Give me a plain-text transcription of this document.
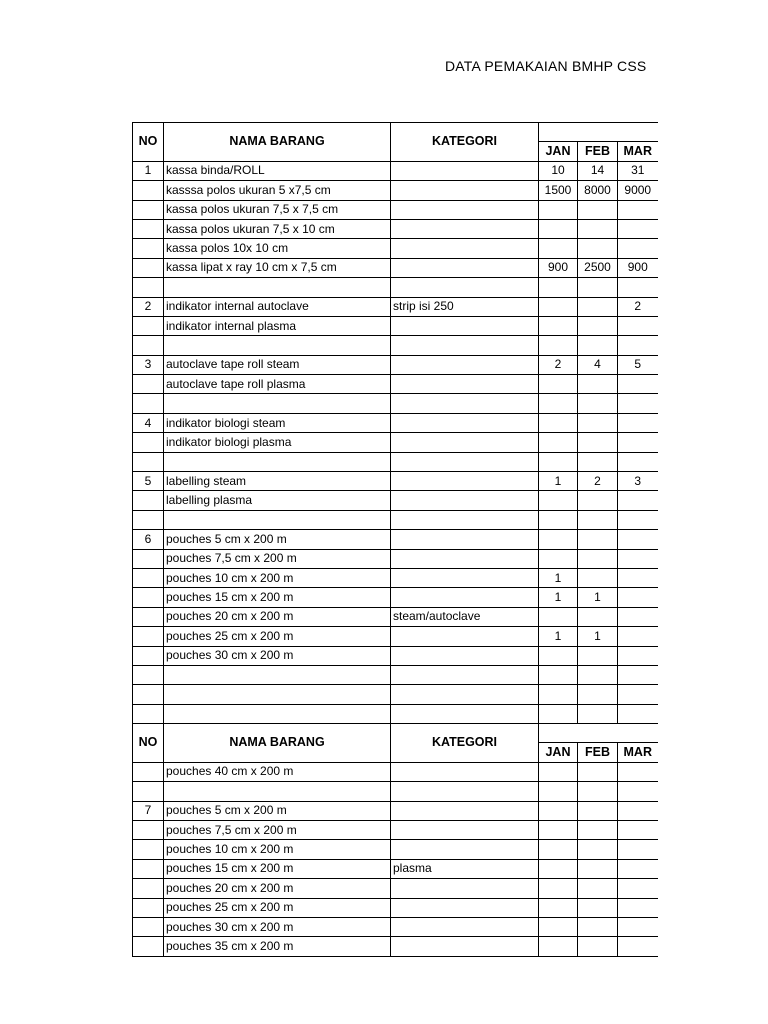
DATA PEMAKAIAN BMHP CSS
NO	NAMA BARANG	KATEGORI			
			JAN	FEB	MAR
1	kassa binda/ROLL		10	14	31
	kasssa polos ukuran 5 x7,5 cm		1500	8000	9000
	kassa polos ukuran 7,5 x 7,5 cm				
	kassa polos ukuran 7,5 x 10 cm				
	kassa polos 10x 10 cm				
	kassa lipat x ray 10 cm x 7,5 cm		900	2500	900

2	indikator internal autoclave	strip isi 250			2
	indikator internal plasma				

3	autoclave tape roll steam		2	4	5
	autoclave tape roll plasma				

4	indikator biologi steam				
	indikator biologi plasma				

5	labelling steam		1	2	3
	labelling plasma				

6	pouches 5 cm x 200 m				
	pouches 7,5 cm x 200 m				
	pouches 10 cm x 200 m		1		
	pouches 15 cm x 200 m		1	1	
	pouches 20 cm x 200 m	steam/autoclave			
	pouches 25 cm x 200 m		1	1	
	pouches 30 cm x 200 m				

NO	NAMA BARANG	KATEGORI			
			JAN	FEB	MAR
	pouches 40 cm x 200 m				

7	pouches 5 cm x 200 m				
	pouches 7,5 cm x 200 m				
	pouches 10 cm x 200 m				
	pouches 15 cm x 200 m	plasma			
	pouches 20 cm x 200 m				
	pouches 25 cm x 200 m				
	pouches 30 cm x 200 m				
	pouches 35 cm x 200 m				
